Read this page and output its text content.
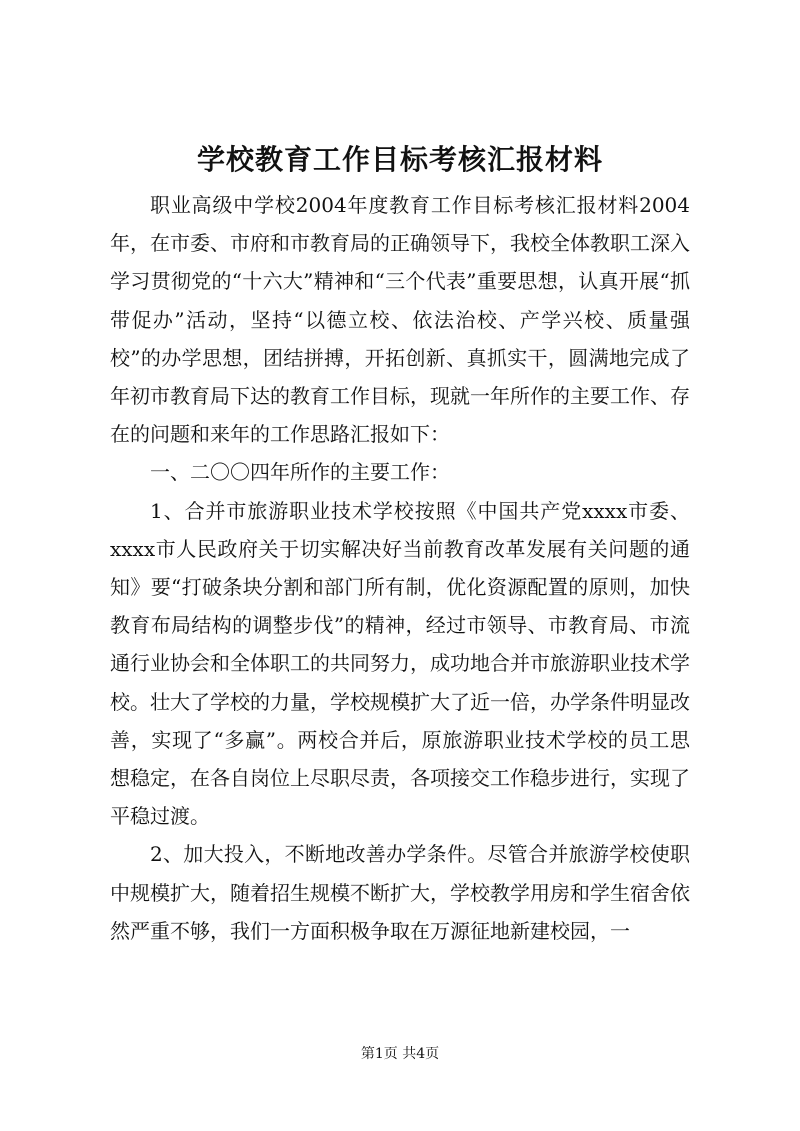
学校教育工作目标考核汇报材料

职业高级中学校2004年度教育工作目标考核汇报材料2004年，在市委、市府和市教育局的正确领导下，我校全体教职工深入学习贯彻党的“十六大”精神和“三个代表”重要思想，认真开展“抓带促办”活动，坚持“以德立校、依法治校、产学兴校、质量强校”的办学思想，团结拼搏，开拓创新、真抓实干，圆满地完成了年初市教育局下达的教育工作目标，现就一年所作的主要工作、存在的问题和来年的工作思路汇报如下：

一、二〇〇四年所作的主要工作：

1、合并市旅游职业技术学校按照《中国共产党xxxx市委、xxxx市人民政府关于切实解决好当前教育改革发展有关问题的通知》要“打破条块分割和部门所有制，优化资源配置的原则，加快教育布局结构的调整步伐”的精神，经过市领导、市教育局、市流通行业协会和全体职工的共同努力，成功地合并市旅游职业技术学校。壮大了学校的力量，学校规模扩大了近一倍，办学条件明显改善，实现了“多赢”。两校合并后，原旅游职业技术学校的员工思想稳定，在各自岗位上尽职尽责，各项接交工作稳步进行，实现了平稳过渡。

2、加大投入，不断地改善办学条件。尽管合并旅游学校使职中规模扩大，随着招生规模不断扩大，学校教学用房和学生宿舍依然严重不够，我们一方面积极争取在万源征地新建校园，一

第1页 共4页
